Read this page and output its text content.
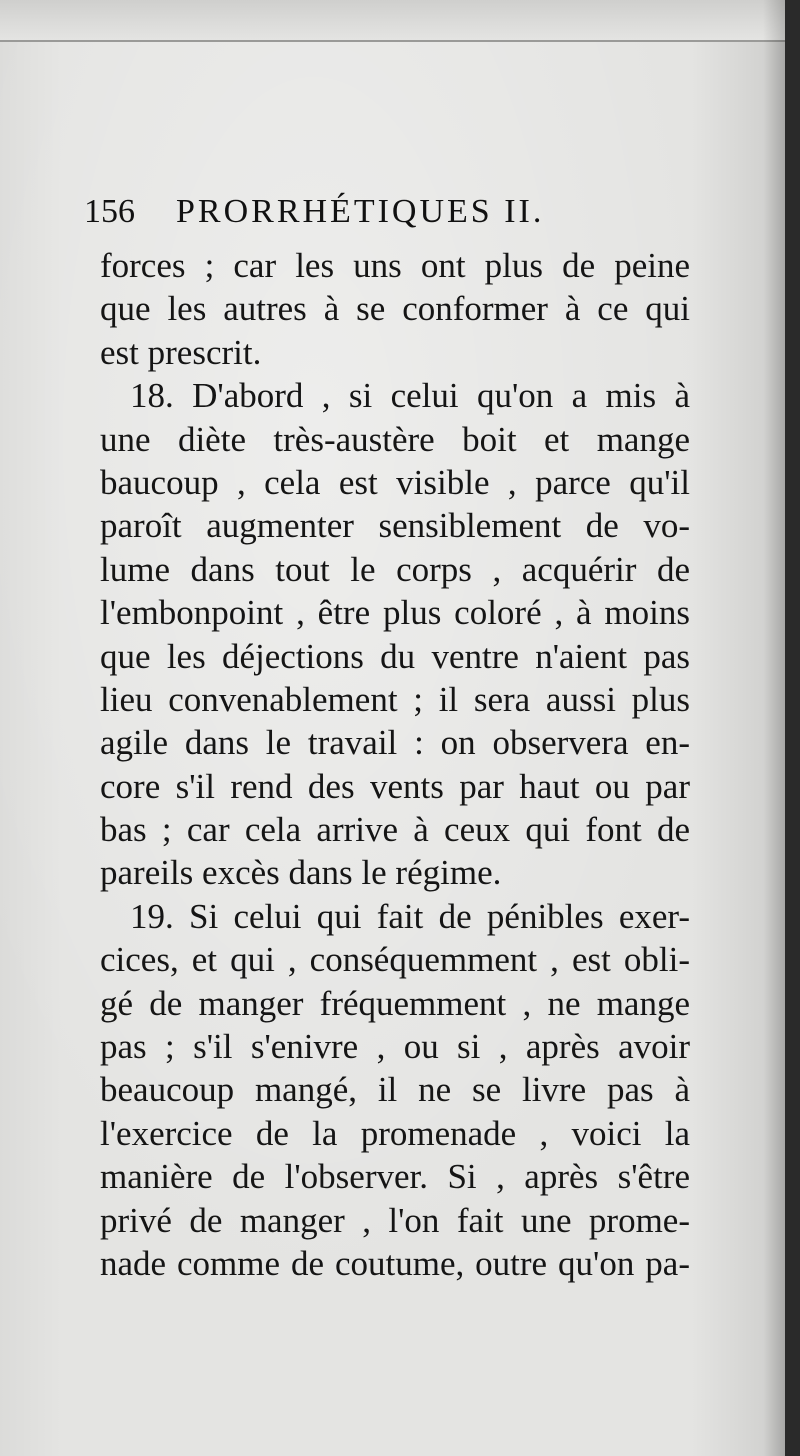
156 PRORRHÉTIQUES II.
forces ; car les uns ont plus de peine
que les autres à se conformer à ce qui
est prescrit.
18. D'abord , si celui qu'on a mis à
une diète très-austère boit et mange
baucoup , cela est visible , parce qu'il
paroît augmenter sensiblement de vo-
lume dans tout le corps , acquérir de
l'embonpoint , être plus coloré , à moins
que les déjections du ventre n'aient pas
lieu convenablement ; il sera aussi plus
agile dans le travail : on observera en-
core s'il rend des vents par haut ou par
bas ; car cela arrive à ceux qui font de
pareils excès dans le régime.
19. Si celui qui fait de pénibles exer-
cices, et qui , conséquemment , est obli-
gé de manger fréquemment , ne mange
pas ; s'il s'enivre , ou si , après avoir
beaucoup mangé, il ne se livre pas à
l'exercice de la promenade , voici la
manière de l'observer. Si , après s'être
privé de manger , l'on fait une prome-
nade comme de coutume, outre qu'on pa-
